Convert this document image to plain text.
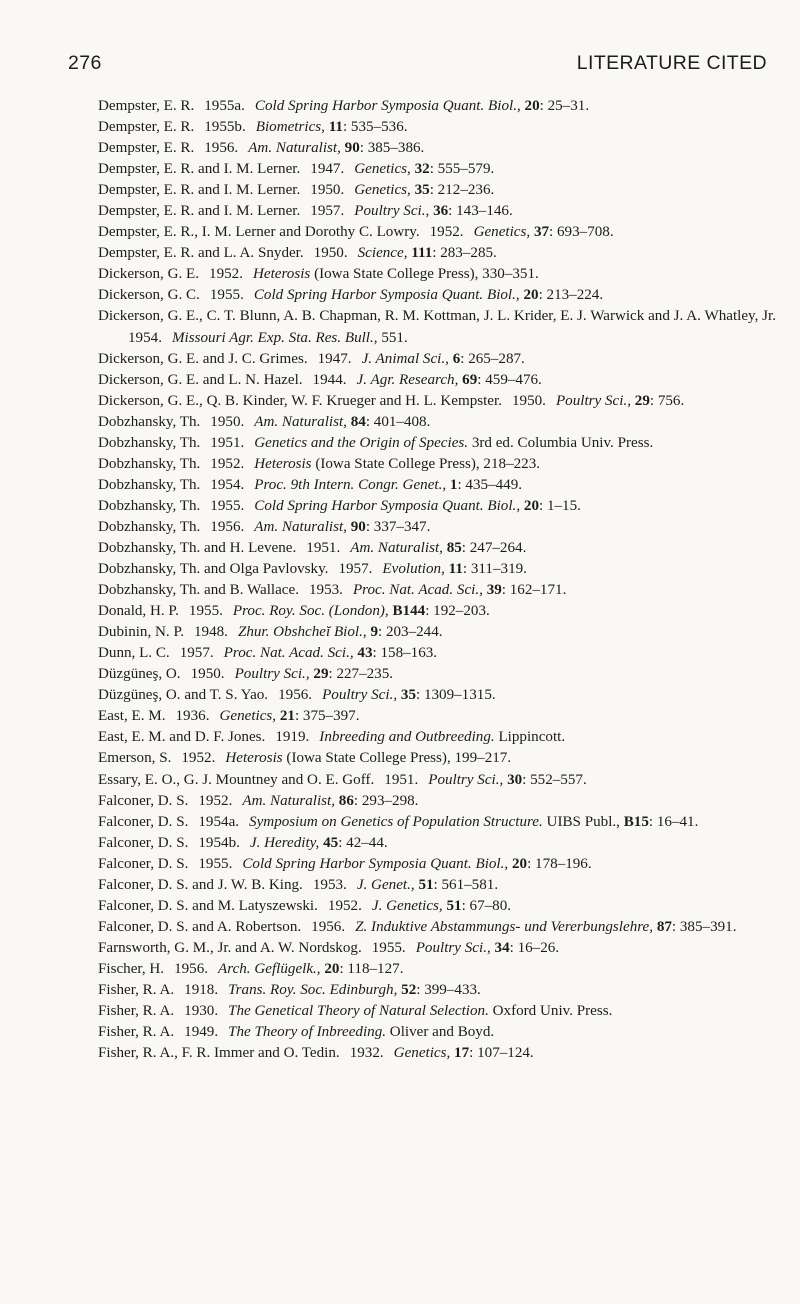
276	LITERATURE CITED
Dempster, E. R. 1955a. Cold Spring Harbor Symposia Quant. Biol., 20: 25–31.
Dempster, E. R. 1955b. Biometrics, 11: 535–536.
Dempster, E. R. 1956. Am. Naturalist, 90: 385–386.
Dempster, E. R. and I. M. Lerner. 1947. Genetics, 32: 555–579.
Dempster, E. R. and I. M. Lerner. 1950. Genetics, 35: 212–236.
Dempster, E. R. and I. M. Lerner. 1957. Poultry Sci., 36: 143–146.
Dempster, E. R., I. M. Lerner and Dorothy C. Lowry. 1952. Genetics, 37: 693–708.
Dempster, E. R. and L. A. Snyder. 1950. Science, 111: 283–285.
Dickerson, G. E. 1952. Heterosis (Iowa State College Press), 330–351.
Dickerson, G. C. 1955. Cold Spring Harbor Symposia Quant. Biol., 20: 213–224.
Dickerson, G. E., C. T. Blunn, A. B. Chapman, R. M. Kottman, J. L. Krider, E. J. Warwick and J. A. Whatley, Jr.1954. Missouri Agr. Exp. Sta. Res. Bull., 551.
Dickerson, G. E. and J. C. Grimes. 1947. J. Animal Sci., 6: 265–287.
Dickerson, G. E. and L. N. Hazel. 1944. J. Agr. Research, 69: 459–476.
Dickerson, G. E., Q. B. Kinder, W. F. Krueger and H. L. Kempster. 1950. Poultry Sci., 29: 756.
Dobzhansky, Th. 1950. Am. Naturalist, 84: 401–408.
Dobzhansky, Th. 1951. Genetics and the Origin of Species. 3rd ed. Columbia Univ. Press.
Dobzhansky, Th. 1952. Heterosis (Iowa State College Press), 218–223.
Dobzhansky, Th. 1954. Proc. 9th Intern. Congr. Genet., 1: 435–449.
Dobzhansky, Th. 1955. Cold Spring Harbor Symposia Quant. Biol., 20: 1–15.
Dobzhansky, Th. 1956. Am. Naturalist, 90: 337–347.
Dobzhansky, Th. and H. Levene. 1951. Am. Naturalist, 85: 247–264.
Dobzhansky, Th. and Olga Pavlovsky. 1957. Evolution, 11: 311–319.
Dobzhansky, Th. and B. Wallace. 1953. Proc. Nat. Acad. Sci., 39: 162–171.
Donald, H. P. 1955. Proc. Roy. Soc. (London), B144: 192–203.
Dubinin, N. P. 1948. Zhur. Obshcheĭ Biol., 9: 203–244.
Dunn, L. C. 1957. Proc. Nat. Acad. Sci., 43: 158–163.
Düzgüneş, O. 1950. Poultry Sci., 29: 227–235.
Düzgüneş, O. and T. S. Yao. 1956. Poultry Sci., 35: 1309–1315.
East, E. M. 1936. Genetics, 21: 375–397.
East, E. M. and D. F. Jones. 1919. Inbreeding and Outbreeding. Lippincott.
Emerson, S. 1952. Heterosis (Iowa State College Press), 199–217.
Essary, E. O., G. J. Mountney and O. E. Goff. 1951. Poultry Sci., 30: 552–557.
Falconer, D. S. 1952. Am. Naturalist, 86: 293–298.
Falconer, D. S. 1954a. Symposium on Genetics of Population Structure. UIBS Publ., B15: 16–41.
Falconer, D. S. 1954b. J. Heredity, 45: 42–44.
Falconer, D. S. 1955. Cold Spring Harbor Symposia Quant. Biol., 20: 178–196.
Falconer, D. S. and J. W. B. King. 1953. J. Genet., 51: 561–581.
Falconer, D. S. and M. Latyszewski. 1952. J. Genetics, 51: 67–80.
Falconer, D. S. and A. Robertson. 1956. Z. Induktive Abstammungs- und Vererbungslehre, 87: 385–391.
Farnsworth, G. M., Jr. and A. W. Nordskog. 1955. Poultry Sci., 34: 16–26.
Fischer, H. 1956. Arch. Geflügelk., 20: 118–127.
Fisher, R. A. 1918. Trans. Roy. Soc. Edinburgh, 52: 399–433.
Fisher, R. A. 1930. The Genetical Theory of Natural Selection. Oxford Univ. Press.
Fisher, R. A. 1949. The Theory of Inbreeding. Oliver and Boyd.
Fisher, R. A., F. R. Immer and O. Tedin. 1932. Genetics, 17: 107–124.
